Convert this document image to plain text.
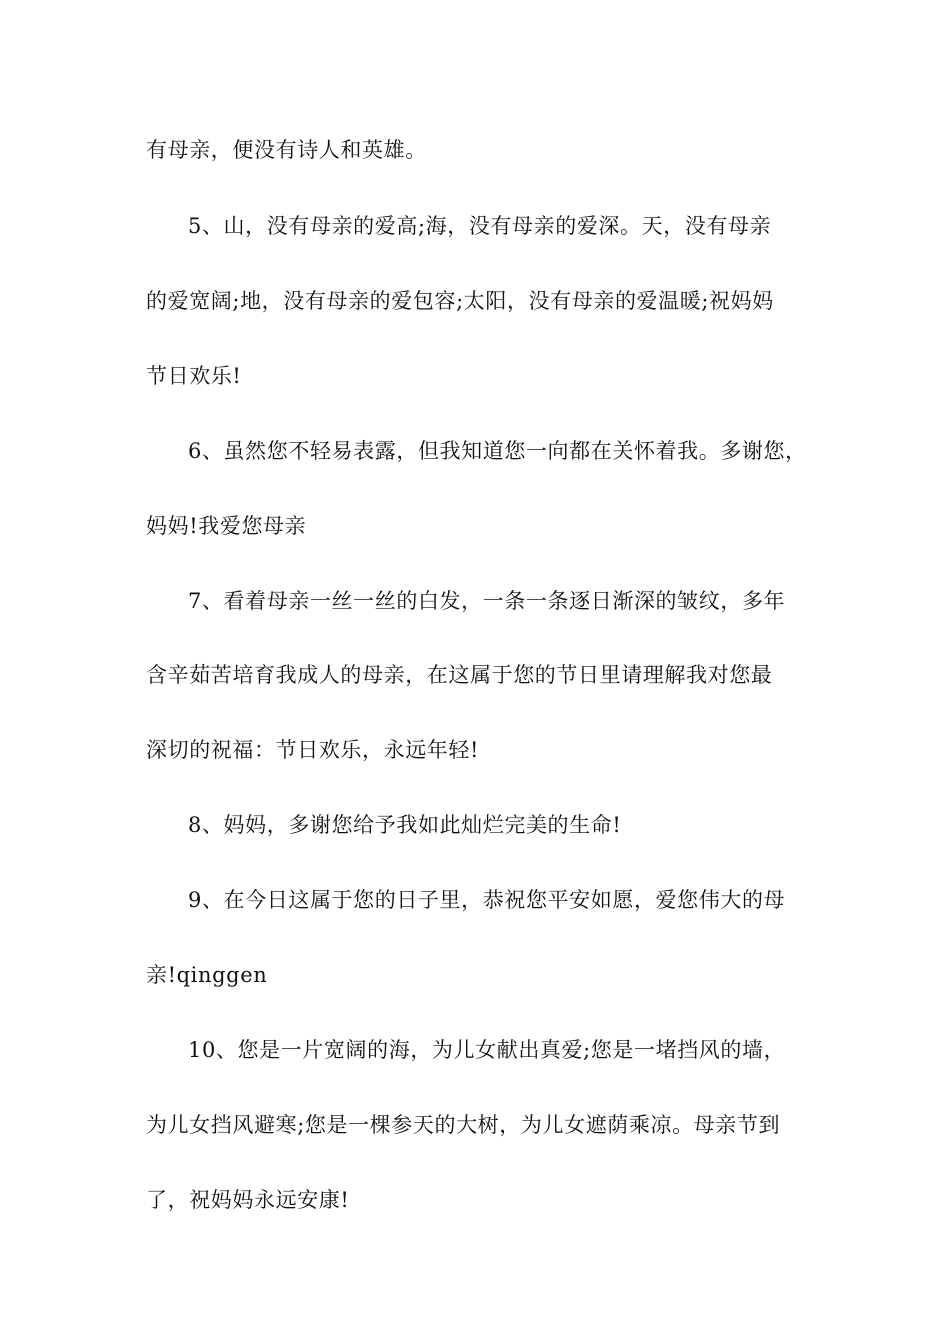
有母亲，便没有诗人和英雄。
5、山，没有母亲的爱高;海，没有母亲的爱深。天，没有母亲
的爱宽阔;地，没有母亲的爱包容;太阳，没有母亲的爱温暖;祝妈妈
节日欢乐!
6、虽然您不轻易表露，但我知道您一向都在关怀着我。多谢您，
妈妈!我爱您母亲
7、看着母亲一丝一丝的白发，一条一条逐日渐深的皱纹，多年
含辛茹苦培育我成人的母亲，在这属于您的节日里请理解我对您最
深切的祝福：节日欢乐，永远年轻!
8、妈妈，多谢您给予我如此灿烂完美的生命!
9、在今日这属于您的日子里，恭祝您平安如愿，爱您伟大的母
亲!qinggen
10、您是一片宽阔的海，为儿女献出真爱;您是一堵挡风的墙，
为儿女挡风避寒;您是一棵参天的大树，为儿女遮荫乘凉。母亲节到
了，祝妈妈永远安康!
